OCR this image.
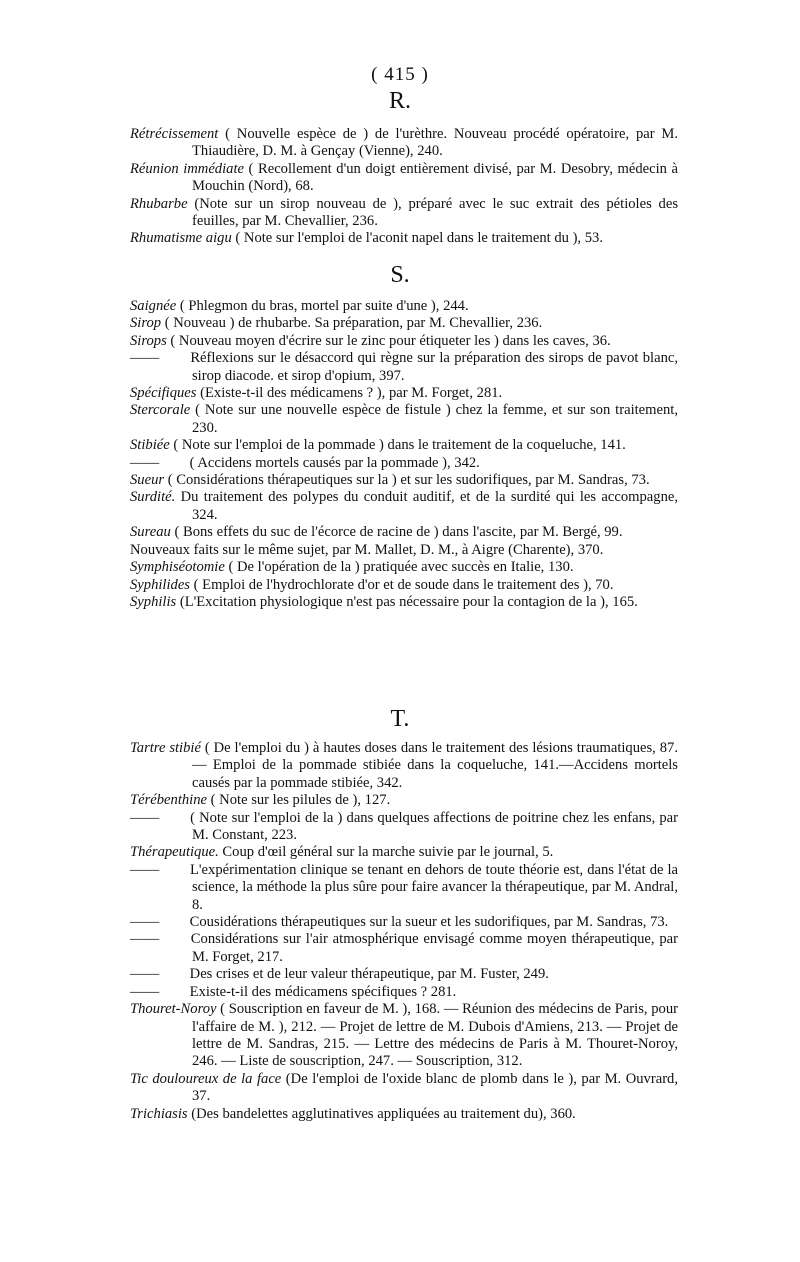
( 415 )
R.

Rétrécissement ( Nouvelle espèce de ) de l'urèthre. Nouveau procédé opératoire, par M. Thiaudière, D. M. à Gençay (Vienne), 240.

Réunion immédiate ( Recollement d'un doigt entièrement divisé, par M. Desobry, médecin à Mouchin (Nord), 68.

Rhubarbe (Note sur un sirop nouveau de ), préparé avec le suc extrait des pétioles des feuilles, par M. Chevallier, 236.

Rhumatisme aigu ( Note sur l'emploi de l'aconit napel dans le traitement du ), 53.

S.

Saignée ( Phlegmon du bras, mortel par suite d'une ), 244.

Sirop ( Nouveau ) de rhubarbe. Sa préparation, par M. Chevallier, 236.

Sirops ( Nouveau moyen d'écrire sur le zinc pour étiqueter les ) dans les caves, 36.

—— Réflexions sur le désaccord qui règne sur la préparation des sirops de pavot blanc, sirop diacode. et sirop d'opium, 397.

Spécifiques (Existe-t-il des médicamens ? ), par M. Forget, 281.

Stercorale ( Note sur une nouvelle espèce de fistule ) chez la femme, et sur son traitement, 230.

Stibiée ( Note sur l'emploi de la pommade ) dans le traitement de la coqueluche, 141.

—— ( Accidens mortels causés par la pommade ), 342.

Sueur ( Considérations thérapeutiques sur la ) et sur les sudorifiques, par M. Sandras, 73.

Surdité. Du traitement des polypes du conduit auditif, et de la surdité qui les accompagne, 324.

Sureau ( Bons effets du suc de l'écorce de racine de ) dans l'ascite, par M. Bergé, 99.

Nouveaux faits sur le même sujet, par M. Mallet, D. M., à Aigre (Charente), 370.

Symphiséotomie ( De l'opération de la ) pratiquée avec succès en Italie, 130.

Syphilides ( Emploi de l'hydrochlorate d'or et de soude dans le traitement des ), 70.

Syphilis (L'Excitation physiologique n'est pas nécessaire pour la contagion de la ), 165.

T.

Tartre stibié ( De l'emploi du ) à hautes doses dans le traitement des lésions traumatiques, 87. — Emploi de la pommade stibiée dans la coqueluche, 141.—Accidens mortels causés par la pommade stibiée, 342.

Térébenthine ( Note sur les pilules de ), 127.

—— ( Note sur l'emploi de la ) dans quelques affections de poitrine chez les enfans, par M. Constant, 223.

Thérapeutique. Coup d'œil général sur la marche suivie par le journal, 5.

—— L'expérimentation clinique se tenant en dehors de toute théorie est, dans l'état de la science, la méthode la plus sûre pour faire avancer la thérapeutique, par M. Andral, 8.

—— Cousidérations thérapeutiques sur la sueur et les sudorifiques, par M. Sandras, 73.

—— Considérations sur l'air atmosphérique envisagé comme moyen thérapeutique, par M. Forget, 217.

—— Des crises et de leur valeur thérapeutique, par M. Fuster, 249.

—— Existe-t-il des médicamens spécifiques ? 281.

Thouret-Noroy ( Souscription en faveur de M. ), 168. — Réunion des médecins de Paris, pour l'affaire de M. ), 212. — Projet de lettre de M. Dubois d'Amiens, 213. — Projet de lettre de M. Sandras, 215. — Lettre des médecins de Paris à M. Thouret-Noroy, 246. — Liste de souscription, 247. — Souscription, 312.

Tic douloureux de la face (De l'emploi de l'oxide blanc de plomb dans le ), par M. Ouvrard, 37.

Trichiasis (Des bandelettes agglutinatives appliquées au traitement du), 360.
